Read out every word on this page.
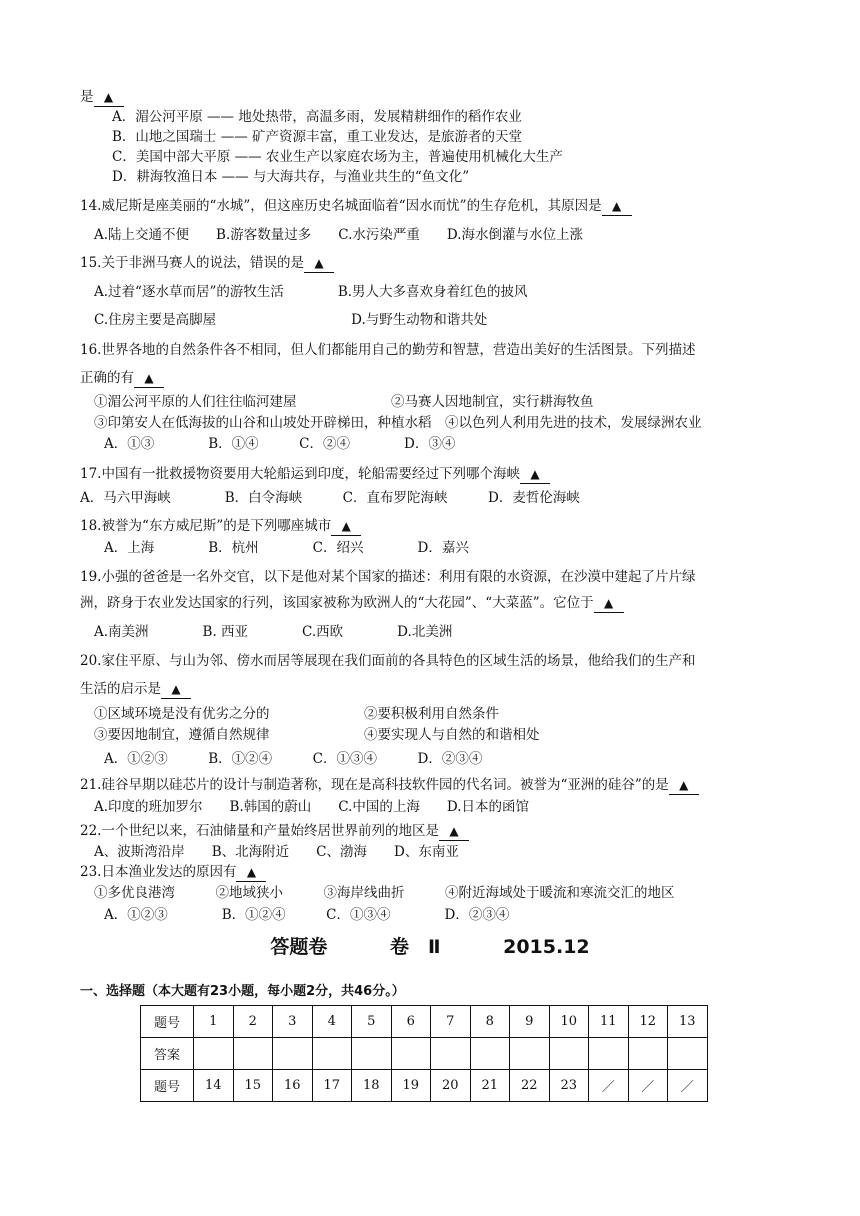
是 ▲
A．湄公河平原 —— 地处热带，高温多雨，发展精耕细作的稻作农业
B．山地之国瑞士 —— 矿产资源丰富，重工业发达，是旅游者的天堂
C．美国中部大平原 —— 农业生产以家庭农场为主，普遍使用机械化大生产
D．耕海牧渔日本 —— 与大海共存，与渔业共生的“鱼文化”
14.威尼斯是座美丽的“水城”，但这座历史名城面临着“因水而忧”的生存危机，其原因是 ▲
A.陆上交通不便　　B.游客数量过多　　C.水污染严重　　D.海水倒灌与水位上涨
15.关于非洲马赛人的说法，错误的是 ▲
A.过着“逐水草而居”的游牧生活　　　　B.男人大多喜欢身着红色的披风
C.住房主要是高脚屋　　　　　　　　　　D.与野生动物和谐共处
16.世界各地的自然条件各不相同，但人们都能用自己的勤劳和智慧，营造出美好的生活图景。下列描述
正确的有 ▲
①湄公河平原的人们往往临河建屋　　　　　　　②马赛人因地制宜，实行耕海牧鱼
③印第安人在低海拔的山谷和山坡处开辟梯田，种植水稻　④以色列人利用先进的技术，发展绿洲农业
A．①③　　　　B．①④　　　C．②④　　　　D．③④
17.中国有一批救援物资要用大轮船运到印度，轮船需要经过下列哪个海峡 ▲
A．马六甲海峡　　　　B．白令海峡　　　C．直布罗陀海峡　　　D．麦哲伦海峡
18.被誉为“东方威尼斯”的是下列哪座城市 ▲
A．上海　　　　B．杭州　　　　C．绍兴　　　　D．嘉兴
19.小强的爸爸是一名外交官，以下是他对某个国家的描述：利用有限的水资源，在沙漠中建起了片片绿
洲，跻身于农业发达国家的行列，该国家被称为欧洲人的“大花园”、“大菜蓝”。它位于 ▲
A.南美洲　　　　B. 西亚　　　　C.西欧　　　　D.北美洲
20.家住平原、与山为邻、傍水而居等展现在我们面前的各具特色的区域生活的场景，他给我们的生产和
生活的启示是 ▲
①区域环境是没有优劣之分的　　　　　　　②要积极利用自然条件
③要因地制宜，遵循自然规律　　　　　　　④要实现人与自然的和谐相处
A．①②③　　　B．①②④　　　C．①③④　　　D．②③④
21.硅谷早期以硅芯片的设计与制造著称，现在是高科技软件园的代名词。被誉为“亚洲的硅谷”的是 ▲
A.印度的班加罗尔　　B.韩国的蔚山　　C.中国的上海　　D.日本的函馆
22.一个世纪以来，石油储量和产量始终居世界前列的地区是 ▲
A、波斯湾沿岸　　B、北海附近　　C、渤海　　D、东南亚
23.日本渔业发达的原因有 ▲
①多优良港湾　　　②地域狭小　　　③海岸线曲折　　　④附近海域处于暖流和寒流交汇的地区
A．①②③　　　　B．①②④　　　C．①③④　　　　D．②③④
答题卷	卷　Ⅱ	2015.12
一、选择题（本大题有23小题，每小题2分，共46分。）
题号	1	2	3	4	5	6	7	8	9	10	11	12	13
答案													
题号	14	15	16	17	18	19	20	21	22	23	／	／	／
